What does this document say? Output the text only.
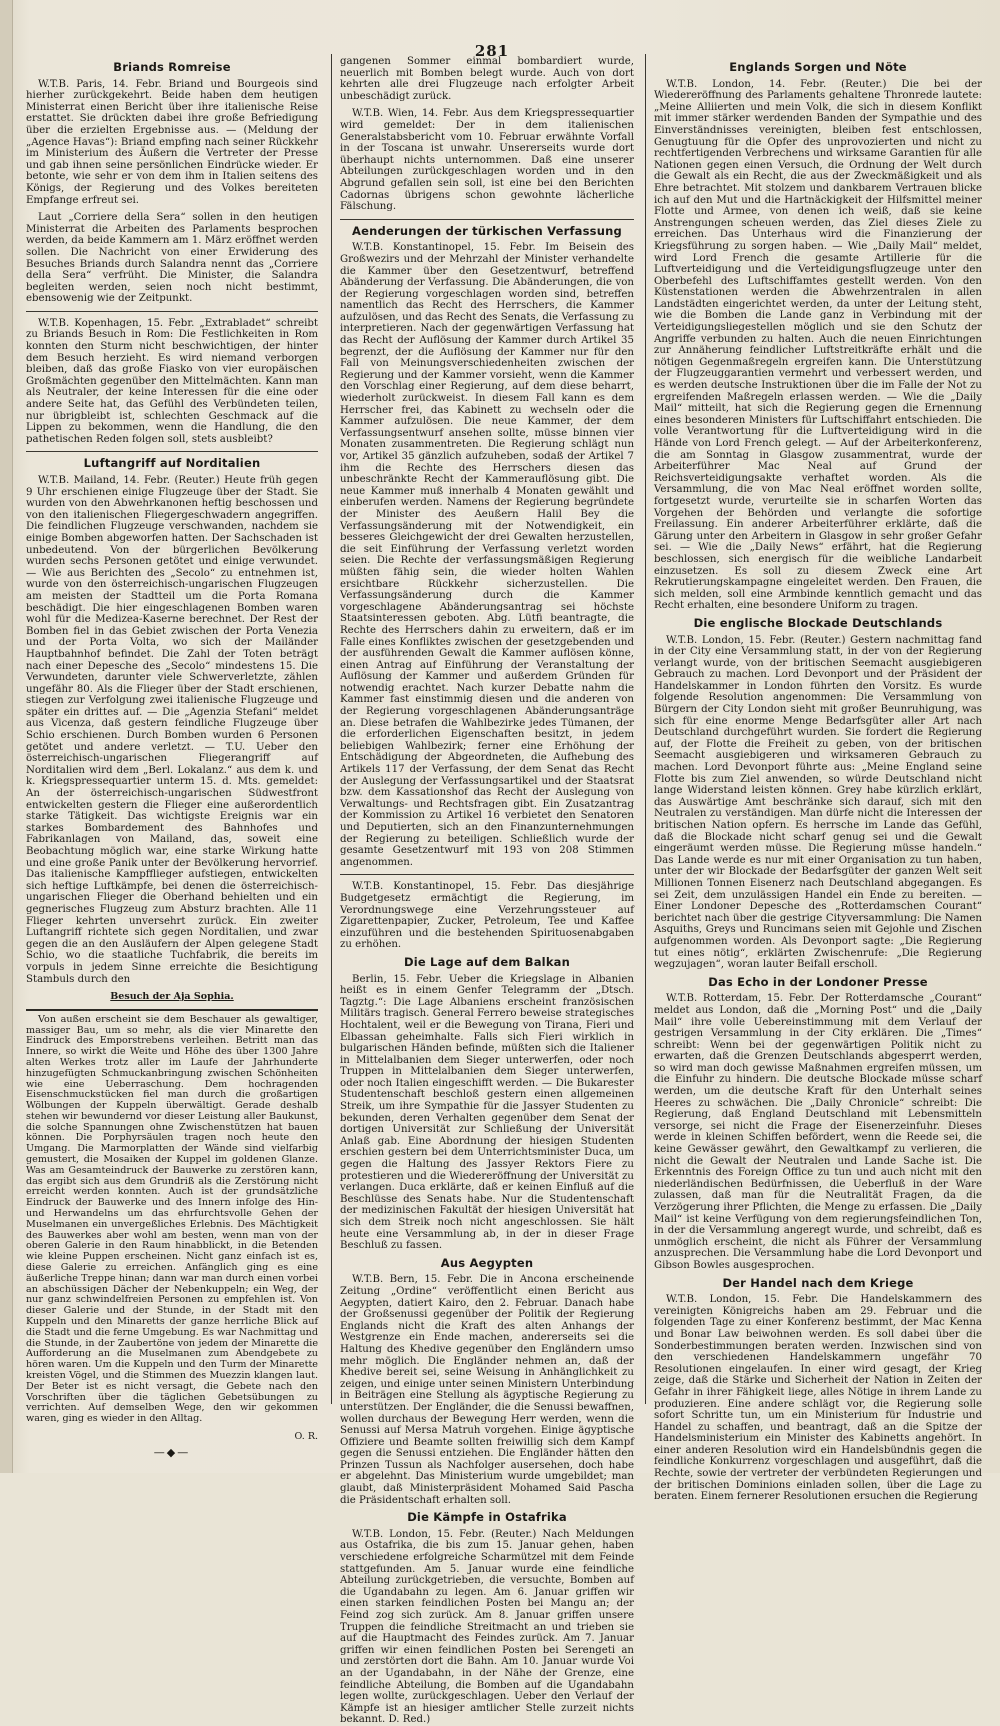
281
Briands Romreise

W.T.B. Paris, 14. Febr. Briand und Bourgeois sind hierher zurückgekehrt. Beide haben dem heutigen Ministerrat einen Bericht über ihre italienische Reise erstattet. Sie drückten dabei ihre große Befriedigung über die erzielten Ergebnisse aus. — (Meldung der „Agence Havas“): Briand empfing nach seiner Rückkehr im Ministerium des Äußern die Vertreter der Presse und gab ihnen seine persönlichen Eindrücke wieder. Er betonte, wie sehr er von dem ihm in Italien seitens des Königs, der Regierung und des Volkes bereiteten Empfange erfreut sei.

Laut „Corriere della Sera“ sollen in den heutigen Ministerrat die Arbeiten des Parlaments besprochen werden, da beide Kammern am 1. März eröffnet werden sollen. Die Nachricht von einer Erwiderung des Besuches Briands durch Salandra nennt das „Corriere della Sera“ verfrüht. Die Minister, die Salandra begleiten werden, seien noch nicht bestimmt, ebensowenig wie der Zeitpunkt.

W.T.B. Kopenhagen, 15. Febr. „Extrabladet“ schreibt zu Briands Besuch in Rom: Die Festlichkeiten in Rom konnten den Sturm nicht beschwichtigen, der hinter dem Besuch herzieht. Es wird niemand verborgen bleiben, daß das große Fiasko von vier europäischen Großmächten gegenüber den Mittelmächten. Kann man als Neutraler, der keine Interessen für die eine oder andere Seite hat, das Gefühl des Verbündeten teilen, nur übrigbleibt ist, schlechten Geschmack auf die Lippen zu bekommen, wenn die Handlung, die den pathetischen Reden folgen soll, stets ausbleibt?

Luftangriff auf Norditalien

W.T.B. Mailand, 14. Febr. (Reuter.) Heute früh gegen 9 Uhr erschienen einige Flugzeuge über der Stadt. Sie wurden von den Abwehrkanonen heftig beschossen und von den italienischen Fliegergeschwadern angegriffen. Die feindlichen Flugzeuge verschwanden, nachdem sie einige Bomben abgeworfen hatten. Der Sachschaden ist unbedeutend. Von der bürgerlichen Bevölkerung wurden sechs Personen getötet und einige verwundet. — Wie aus Berichten des „Secolo“ zu entnehmen ist, wurde von den österreichisch-ungarischen Flugzeugen am meisten der Stadtteil um die Porta Romana beschädigt. Die hier eingeschlagenen Bomben waren wohl für die Medizea-Kaserne berechnet. Der Rest der Bomben fiel in das Gebiet zwischen der Porta Venezia und der Porta Volta, wo sich der Mailänder Hauptbahnhof befindet. Die Zahl der Toten beträgt nach einer Depesche des „Secolo“ mindestens 15. Die Verwundeten, darunter viele Schwerverletzte, zählen ungefähr 80. Als die Flieger über der Stadt erschienen, stiegen zur Verfolgung zwei italienische Flugzeuge und später ein drittes auf. — Die „Agenzia Stefani“ meldet aus Vicenza, daß gestern feindliche Flugzeuge über Schio erschienen. Durch Bomben wurden 6 Personen getötet und andere verletzt. — T.U. Ueber den österreichisch-ungarischen Fliegerangriff auf Norditalien wird dem „Berl. Lokalanz.“ aus dem k. und k. Kriegspressequartier unterm 15. d. Mts. gemeldet: An der österreichisch-ungarischen Südwestfront entwickelten gestern die Flieger eine außerordentlich starke Tätigkeit. Das wichtigste Ereignis war ein starkes Bombardement des Bahnhofes und Fabrikanlagen von Mailand, das, soweit eine Beobachtung möglich war, eine starke Wirkung hatte und eine große Panik unter der Bevölkerung hervorrief. Das italienische Kampfflieger aufstiegen, entwickelten sich heftige Luftkämpfe, bei denen die österreichisch-ungarischen Flieger die Oberhand behielten und ein gegnerisches Flugzeug zum Absturz brachten. Alle 11 Flieger kehrten unversehrt zurück. Ein zweiter Luftangriff richtete sich gegen Norditalien, und zwar gegen die an den Ausläufern der Alpen gelegene Stadt Schio, wo die staatliche Tuchfabrik, die bereits im vorpuls in jedem Sinne erreichte die Besichtigung Stambuls durch den

Besuch der Aja Sophia.

Von außen erscheint sie dem Beschauer als gewaltiger, massiger Bau, um so mehr, als die vier Minarette den Eindruck des Emporstrebens verleihen. Betritt man das Innere, so wirkt die Weite und Höhe des über 1300 Jahre alten Werkes trotz aller im Laufe der Jahrhunderte hinzugefügten Schmuckanbringung zwischen Schönheiten wie eine Ueberraschung. Dem hochragenden Eisenschmuckstücken fiel man durch die großartigen Wölbungen der Kuppeln überwältigt. Gerade deshalb stehen wir bewundernd vor dieser Leistung aller Baukunst, die solche Spannungen ohne Zwischenstützen hat bauen können. Die Porphyrsäulen tragen noch heute den Umgang. Die Marmorplatten der Wände sind vielfarbig gemustert, die Mosaiken der Kuppel im goldenen Glanze. Was am Gesamteindruck der Bauwerke zu zerstören kann, das ergibt sich aus dem Grundriß als die Zerstörung nicht erreicht werden konnten. Auch ist der grundsätzliche Eindruck der Bauwerke und des Innern infolge des Hin- und Herwandelns um das ehrfurchtsvolle Gehen der Muselmanen ein unvergeßliches Erlebnis. Des Mächtigkeit des Bauwerkes aber wohl am besten, wenn man von der oberen Galerie in den Raum hinabblickt, in die Betenden wie kleine Puppen erscheinen. Nicht ganz einfach ist es, diese Galerie zu erreichen. Anfänglich ging es eine äußerliche Treppe hinan; dann war man durch einen vorbei an abschüssigen Dächer der Nebenkuppeln; ein Weg, der nur ganz schwindelfreien Personen zu empfehlen ist. Von dieser Galerie und der Stunde, in der Stadt mit den Kuppeln und den Minaretts der ganze herrliche Blick auf die Stadt und die ferne Umgebung. Es war Nachmittag und die Stunde, in der Zaubertöne von jedem der Minarette die Aufforderung an die Muselmanen zum Abendgebete zu hören waren. Um die Kuppeln und den Turm der Minarette kreisten Vögel, und die Stimmen des Muezzin klangen laut. Der Beter ist es nicht versagt, die Gebete nach den Vorschriften über die täglichen Gebetsübungen zu verrichten. Auf demselben Wege, den wir gekommen waren, ging es wieder in den Alltag.

O. R.
—◆—

gangenen Sommer einmal bombardiert wurde, neuerlich mit Bomben belegt wurde. Auch von dort kehrten alle drei Flugzeuge nach erfolgter Arbeit unbeschädigt zurück.

W.T.B. Wien, 14. Febr. Aus dem Kriegspressequartier wird gemeldet: Der in dem italienischen Generalstabsbericht vom 10. Februar erwähnte Vorfall in der Toscana ist unwahr. Unsererseits wurde dort überhaupt nichts unternommen. Daß eine unserer Abteilungen zurückgeschlagen worden und in den Abgrund gefallen sein soll, ist eine bei den Berichten Cadornas übrigens schon gewohnte lächerliche Fälschung.

Aenderungen der türkischen Verfassung

W.T.B. Konstantinopel, 15. Febr. Im Beisein des Großwezirs und der Mehrzahl der Minister verhandelte die Kammer über den Gesetzentwurf, betreffend Abänderung der Verfassung. Die Abänderungen, die von der Regierung vorgeschlagen worden sind, betreffen namentlich das Recht des Herrschers, die Kammer aufzulösen, und das Recht des Senats, die Verfassung zu interpretieren. Nach der gegenwärtigen Verfassung hat das Recht der Auflösung der Kammer durch Artikel 35 begrenzt, der die Auflösung der Kammer nur für den Fall von Meinungsverschiedenheiten zwischen der Regierung und der Kammer vorsieht, wenn die Kammer den Vorschlag einer Regierung, auf dem diese beharrt, wiederholt zurückweist. In diesem Fall kann es dem Herrscher frei, das Kabinett zu wechseln oder die Kammer aufzulösen. Die neue Kammer, der dem Verfassungsentwurf ansehen sollte, müsse binnen vier Monaten zusammentreten. Die Regierung schlägt nun vor, Artikel 35 gänzlich aufzuheben, sodaß der Artikel 7 ihm die Rechte des Herrschers diesen das unbeschränkte Recht der Kammerauflösung gibt. Die neue Kammer muß innerhalb 4 Monaten gewählt und einberufen werden. Namens der Regierung begründete der Minister des Aeußern Halil Bey die Verfassungsänderung mit der Notwendigkeit, ein besseres Gleichgewicht der drei Gewalten herzustellen, die seit Einführung der Verfassung verletzt worden seien. Die Rechte der verfassungsmäßigen Regierung müßten fähig sein, die wieder holten Wahlen ersichtbare Rückkehr sicherzustellen. Die Verfassungsänderung durch die Kammer vorgeschlagene Abänderungsantrag sei höchste Staatsinteressen geboten. Abg. Lütfi beantragte, die Rechte des Herrschers dahin zu erweitern, daß er im Falle eines Konfliktes zwischen der gesetzgebenden und der ausführenden Gewalt die Kammer auflösen könne, einen Antrag auf Einführung der Veranstaltung der Auflösung der Kammer und außerdem Gründen für notwendig erachtet. Nach kurzer Debatte nahm die Kammer fast einstimmig diesen und die anderen von der Regierung vorgeschlagenen Abänderungsanträge an. Diese betrafen die Wahlbezirke jedes Tümanen, der die erforderlichen Eigenschaften besitzt, in jedem beliebigen Wahlbezirk; ferner eine Erhöhung der Entschädigung der Abgeordneten, die Aufhebung des Artikels 117 der Verfassung, der dem Senat das Recht der Auslegung der Verfassungsartikel und der Staatsrat bzw. dem Kassationshof das Recht der Auslegung von Verwaltungs- und Rechtsfragen gibt. Ein Zusatzantrag der Kommission zu Artikel 16 verbietet den Senatoren und Deputierten, sich an den Finanzunternehmungen der Regierung zu beteiligen. Schließlich wurde der gesamte Gesetzentwurf mit 193 von 208 Stimmen angenommen.

W.T.B. Konstantinopel, 15. Febr. Das diesjährige Budgetgesetz ermächtigt die Regierung, im Verordnungswege eine Verzehrungssteuer auf Zigarettenpapier, Zucker, Petroleum, Tee und Kaffee einzuführen und die bestehenden Spirituosenabgaben zu erhöhen.

Die Lage auf dem Balkan

Berlin, 15. Febr. Ueber die Kriegslage in Albanien heißt es in einem Genfer Telegramm der „Dtsch. Tagztg.“: Die Lage Albaniens erscheint französischen Militärs tragisch. General Ferrero beweise strategisches Hochtalent, weil er die Bewegung von Tirana, Fieri und Elbassan geheimhalte. Falls sich Fieri wirklich in bulgarischen Händen befinde, müßten sich die Italiener in Mittelalbanien dem Sieger unterwerfen, oder noch Truppen in Mittelalbanien dem Sieger unterwerfen, oder noch Italien eingeschifft werden. — Die Bukarester Studentenschaft beschloß gestern einen allgemeinen Streik, um ihre Sympathie für die Jassyer Studenten zu bekunden, deren Verhalten gegenüber dem Senat der dortigen Universität zur Schließung der Universität Anlaß gab. Eine Abordnung der hiesigen Studenten erschien gestern bei dem Unterrichtsminister Duca, um gegen die Haltung des Jassyer Rektors Fiere zu protestieren und die Wiedereröffnung der Universität zu verlangen. Duca erklärte, daß er keinen Einfluß auf die Beschlüsse des Senats habe. Nur die Studentenschaft der medizinischen Fakultät der hiesigen Universität hat sich dem Streik noch nicht angeschlossen. Sie hält heute eine Versammlung ab, in der in dieser Frage Beschluß zu fassen.

Aus Aegypten

W.T.B. Bern, 15. Febr. Die in Ancona erscheinende Zeitung „Ordine“ veröffentlicht einen Bericht aus Aegypten, datiert Kairo, den 2. Februar. Danach habe der Großsenussi gegenüber der Politik der Regierung Englands nicht die Kraft des alten Anhangs der Westgrenze ein Ende machen, andererseits sei die Haltung des Khedive gegenüber den Engländern umso mehr möglich. Die Engländer nehmen an, daß der Khedive bereit sei, seine Weisung in Anhänglichkeit zu zeigen, und einige unter seinen Ministern Unterbindung in Beiträgen eine Stellung als ägyptische Regierung zu unterstützen. Der Engländer, die die Senussi bewaffnen, wollen durchaus der Bewegung Herr werden, wenn die Senussi auf Mersa Matruh vorgehen. Einige ägyptische Offiziere und Beamte sollten freiwillig sich dem Kampf gegen die Senussi entziehen. Die Engländer hätten den Prinzen Tussun als Nachfolger ausersehen, doch habe er abgelehnt. Das Ministerium wurde umgebildet; man glaubt, daß Ministerpräsident Mohamed Said Pascha die Präsidentschaft erhalten soll.

Die Kämpfe in Ostafrika

W.T.B. London, 15. Febr. (Reuter.) Nach Meldungen aus Ostafrika, die bis zum 15. Januar gehen, haben verschiedene erfolgreiche Scharmützel mit dem Feinde stattgefunden. Am 5. Januar wurde eine feindliche Abteilung zurückgetrieben, die versuchte, Bomben auf die Ugandabahn zu legen. Am 6. Januar griffen wir einen starken feindlichen Posten bei Mangu an; der Feind zog sich zurück. Am 8. Januar griffen unsere Truppen die feindliche Streitmacht an und trieben sie auf die Hauptmacht des Feindes zurück. Am 7. Januar griffen wir einen feindlichen Posten bei Serengeti an und zerstörten dort die Bahn. Am 10. Januar wurde Voi an der Ugandabahn, in der Nähe der Grenze, eine feindliche Abteilung, die Bomben auf die Ugandabahn legen wollte, zurückgeschlagen. Ueber den Verlauf der Kämpfe ist an hiesiger amtlicher Stelle zurzeit nichts bekannt. D. Red.)

Englands Sorgen und Nöte

W.T.B. London, 14. Febr. (Reuter.) Die bei der Wiedereröffnung des Parlaments gehaltene Thronrede lautete: „Meine Alliierten und mein Volk, die sich in diesem Konflikt mit immer stärker werdenden Banden der Sympathie und des Einverständnisses vereinigten, bleiben fest entschlossen, Genugtuung für die Opfer des unprovozierten und nicht zu rechtfertigenden Verbrechens und wirksame Garantien für alle Nationen gegen einen Versuch, die Ordnung der Welt durch die Gewalt als ein Recht, die aus der Zweckmäßigkeit und als Ehre betrachtet. Mit stolzem und dankbarem Vertrauen blicke ich auf den Mut und die Hartnäckigkeit der Hilfsmittel meiner Flotte und Armee, von denen ich weiß, daß sie keine Anstrengungen scheuen werden, das Ziel dieses Ziele zu erreichen. Das Unterhaus wird die Finanzierung der Kriegsführung zu sorgen haben. — Wie „Daily Mail“ meldet, wird Lord French die gesamte Artillerie für die Luftverteidigung und die Verteidigungsflugzeuge unter den Oberbefehl des Luftschiffamtes gestellt werden. Von den Küstenstationen werden die Abwehrzentralen in allen Landstädten eingerichtet werden, da unter der Leitung steht, wie die Bomben die Lande ganz in Verbindung mit der Verteidigungsliegestellen möglich und sie den Schutz der Angriffe verbunden zu halten. Auch die neuen Einrichtungen zur Annäherung feindlicher Luftstreitkräfte erhält und die nötigen Gegenmaßregeln ergreifen kann. Die Unterstützung der Flugzeuggarantien vermehrt und verbessert werden, und es werden deutsche Instruktionen über die im Falle der Not zu ergreifenden Maßregeln erlassen werden. — Wie die „Daily Mail“ mitteilt, hat sich die Regierung gegen die Ernennung eines besonderen Ministers für Luftschiffahrt entschieden. Die volle Verantwortung für die Luftverteidigung wird in die Hände von Lord French gelegt. — Auf der Arbeiterkonferenz, die am Sonntag in Glasgow zusammentrat, wurde der Arbeiterführer Mac Neal auf Grund der Reichsverteidigungsakte verhaftet worden. Als die Versammlung, die von Mac Neal eröffnet worden sollte, fortgesetzt wurde, verurteilte sie in scharfen Worten das Vorgehen der Behörden und verlangte die sofortige Freilassung. Ein anderer Arbeiterführer erklärte, daß die Gärung unter den Arbeitern in Glasgow in sehr großer Gefahr sei. — Wie die „Daily News“ erfährt, hat die Regierung beschlossen, sich energisch für die weibliche Landarbeit einzusetzen. Es soll zu diesem Zweck eine Art Rekrutierungskampagne eingeleitet werden. Den Frauen, die sich melden, soll eine Armbinde kenntlich gemacht und das Recht erhalten, eine besondere Uniform zu tragen.

Die englische Blockade Deutschlands

W.T.B. London, 15. Febr. (Reuter.) Gestern nachmittag fand in der City eine Versammlung statt, in der von der Regierung verlangt wurde, von der britischen Seemacht ausgiebigeren Gebrauch zu machen. Lord Devonport und der Präsident der Handelskammer in London führten den Vorsitz. Es wurde folgende Resolution angenommen: Die Versammlung von Bürgern der City London sieht mit großer Beunruhigung, was sich für eine enorme Menge Bedarfsgüter aller Art nach Deutschland durchgeführt wurden. Sie fordert die Regierung auf, der Flotte die Freiheit zu geben, von der britischen Seemacht ausgiebigeren und wirksameren Gebrauch zu machen. Lord Devonport führte aus: „Meine England seine Flotte bis zum Ziel anwenden, so würde Deutschland nicht lange Widerstand leisten können. Grey habe kürzlich erklärt, das Auswärtige Amt beschränke sich darauf, sich mit den Neutralen zu verständigen. Man dürfe nicht die Interessen der britischen Nation opfern. Es herrsche im Lande das Gefühl, daß die Blockade nicht scharf genug sei und die Gewalt eingeräumt werden müsse. Die Regierung müsse handeln.“ Das Lande werde es nur mit einer Organisation zu tun haben, unter der wir Blockade der Bedarfsgüter der ganzen Welt seit Millionen Tonnen Eisenerz nach Deutschland abgegangen. Es sei Zeit, dem unzulässigen Handel ein Ende zu bereiten. — Einer Londoner Depesche des „Rotterdamschen Courant“ berichtet nach über die gestrige Cityversammlung: Die Namen Asquiths, Greys und Runcimans seien mit Gejohle und Zischen aufgenommen worden. Als Devonport sagte: „Die Regierung tut eines nötig“, erklärten Zwischenrufe: „Die Regierung wegzujagen“, woran lauter Beifall erscholl.

Das Echo in der Londoner Presse

W.T.B. Rotterdam, 15. Febr. Der Rotterdamsche „Courant“ meldet aus London, daß die „Morning Post“ und die „Daily Mail“ ihre volle Uebereinstimmung mit dem Verlauf der gestrigen Versammlung in der City erklären. Die „Times“ schreibt: Wenn bei der gegenwärtigen Politik nicht zu erwarten, daß die Grenzen Deutschlands abgesperrt werden, so wird man doch gewisse Maßnahmen ergreifen müssen, um die Einfuhr zu hindern. Die deutsche Blockade müsse scharf werden, um die deutsche Kraft für den Unterhalt seines Heeres zu schwächen. Die „Daily Chronicle“ schreibt: Die Regierung, daß England Deutschland mit Lebensmitteln versorge, sei nicht die Frage der Eisenerzeinfuhr. Dieses werde in kleinen Schiffen befördert, wenn die Reede sei, die keine Gewässer gewährt, den Gewaltkampf zu verlieren, die nicht die Gewalt der Neutralen und Lande Sache ist. Die Erkenntnis des Foreign Office zu tun und auch nicht mit den niederländischen Bedürfnissen, die Ueberfluß in der Ware zulassen, daß man für die Neutralität Fragen, da die Verzögerung ihrer Pflichten, die Menge zu erfassen. Die „Daily Mail“ ist keine Verfügung von dem regierungsfeindlichen Ton, in der die Versammlung angeregt wurde, und schreibt, daß es unmöglich erscheint, die nicht als Führer der Versammlung anzusprechen. Die Versammlung habe die Lord Devonport und Gibson Bowles ausgesprochen.

Der Handel nach dem Kriege

W.T.B. London, 15. Febr. Die Handelskammern des vereinigten Königreichs haben am 29. Februar und die folgenden Tage zu einer Konferenz bestimmt, der Mac Kenna und Bonar Law beiwohnen werden. Es soll dabei über die Sonderbestimmungen beraten werden. Inzwischen sind von den verschiedenen Handelskammern ungefähr 70 Resolutionen eingelaufen. In einer wird gesagt, der Krieg zeige, daß die Stärke und Sicherheit der Nation in Zeiten der Gefahr in ihrer Fähigkeit liege, alles Nötige in ihrem Lande zu produzieren. Eine andere schlägt vor, die Regierung solle sofort Schritte tun, um ein Ministerium für Industrie und Handel zu schaffen, und beantragt, daß an die Spitze der Handelsministerium ein Minister des Kabinetts angehört. In einer anderen Resolution wird ein Handelsbündnis gegen die feindliche Konkurrenz vorgeschlagen und ausgeführt, daß die Rechte, sowie der vertreter der verbündeten Regierungen und der britischen Dominions einladen sollen, über die Lage zu beraten. Einem fernerer Resolutionen ersuchen die Regierung
